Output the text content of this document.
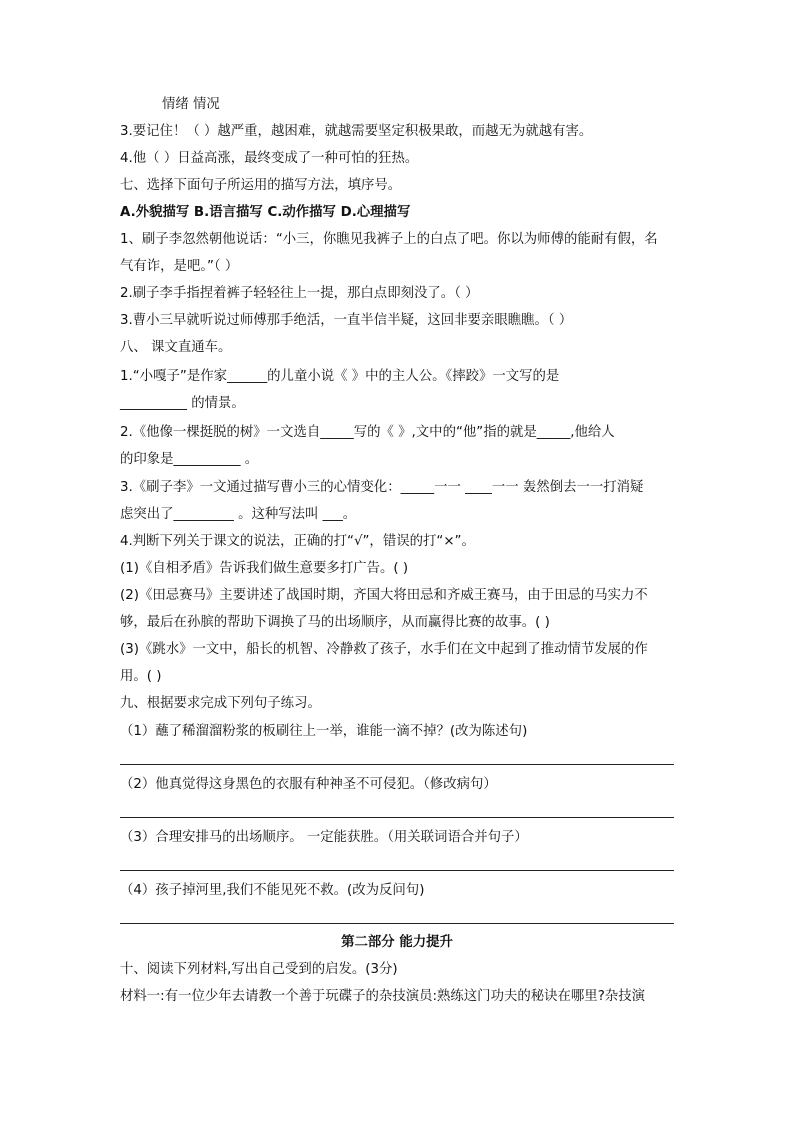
情绪 情况
3.要记住！（ ）越严重，越困难，就越需要坚定积极果敢，而越无为就越有害。
4.他（ ）日益高涨，最终变成了一种可怕的狂热。
七、选择下面句子所运用的描写方法，填序号。
A.外貌描写 B.语言描写 C.动作描写 D.心理描写
1、刷子李忽然朝他说话：“小三，你瞧见我裤子上的白点了吧。你以为师傅的能耐有假，名
气有诈，是吧。”（ ）
2.刷子李手指捏着裤子轻轻往上一提，那白点即刻没了。（ ）
3.曹小三早就听说过师傅那手绝活，一直半信半疑，这回非要亲眼瞧瞧。（ ）
八、 课文直通车。
1.“小嘎子”是作家______的儿童小说《 》中的主人公。《摔跤》一文写的是
__________ 的情景。
2.《他像一棵挺脱的树》一文选自_____写的《 》,文中的“他”指的就是_____,他给人
的印象是__________ 。
3.《刷子李》一文通过描写曹小三的心情变化：_____一一 ____一一 轰然倒去一一打消疑
虑突出了_________ 。这种写法叫 ___。
4.判断下列关于课文的说法，正确的打“√”，错误的打“×”。
(1)《自相矛盾》告诉我们做生意要多打广告。( )
(2)《田忌赛马》主要讲述了战国时期，齐国大将田忌和齐威王赛马，由于田忌的马实力不
够，最后在孙膑的帮助下调换了马的出场顺序，从而赢得比赛的故事。( )
(3)《跳水》一文中，船长的机智、冷静救了孩子，水手们在文中起到了推动情节发展的作
用。( )
九、根据要求完成下列句子练习。
（1）蘸了稀溜溜粉浆的板刷往上一举，谁能一滴不掉？(改为陈述句)
（2）他真觉得这身黑色的衣服有种神圣不可侵犯。（修改病句）
（3）合理安排马的出场顺序。 一定能获胜。（用关联词语合并句子）
（4）孩子掉河里,我们不能见死不救。(改为反问句)
第二部分 能力提升
十、阅读下列材料,写出自己受到的启发。(3分)
材料一:有一位少年去请教一个善于玩碟子的杂技演员:熟练这门功夫的秘诀在哪里?杂技演
